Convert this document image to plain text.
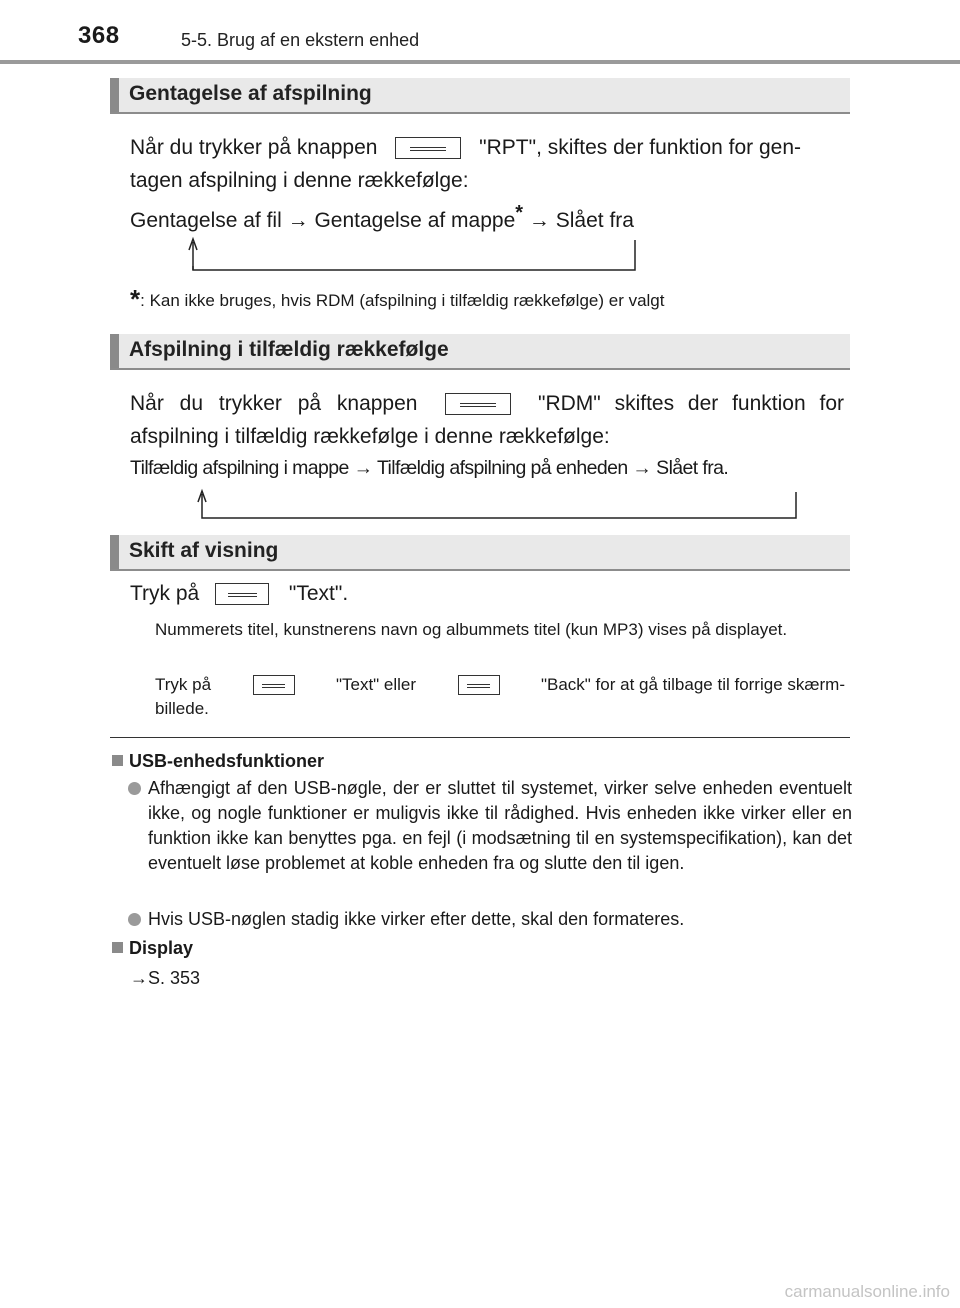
368	5-5. Brug af en ekstern enhed
Gentagelse af afspilning
Når du trykker på knappen	"RPT", skiftes der funktion for gen-
tagen afspilning i denne rækkefølge:
Gentagelse af fil → Gentagelse af mappe* → Slået fra
*: Kan ikke bruges, hvis RDM (afspilning i tilfældig rækkefølge) er valgt
Afspilning i tilfældig rækkefølge
Når du trykker på knappen	"RDM" skiftes der funktion for
afspilning i tilfældig rækkefølge i denne rækkefølge:
Tilfældig afspilning i mappe → Tilfældig afspilning på enheden → Slået fra.
Skift af visning
Tryk på	"Text".
Nummerets titel, kunstnerens navn og albummets titel (kun MP3) vises på displayet.
Tryk på	"Text" eller	"Back" for at gå tilbage til forrige skærm-
billede.
USB-enhedsfunktioner
Afhængigt af den USB-nøgle, der er sluttet til systemet, virker selve enheden eventuelt ikke, og nogle funktioner er muligvis ikke til rådighed. Hvis enheden ikke virker eller en funktion ikke kan benyttes pga. en fejl (i modsætning til en systemspecifikation), kan det eventuelt løse problemet at koble enheden fra og slutte den til igen.
Hvis USB-nøglen stadig ikke virker efter dette, skal den formateres.
Display
→S. 353
carmanualsonline.info
